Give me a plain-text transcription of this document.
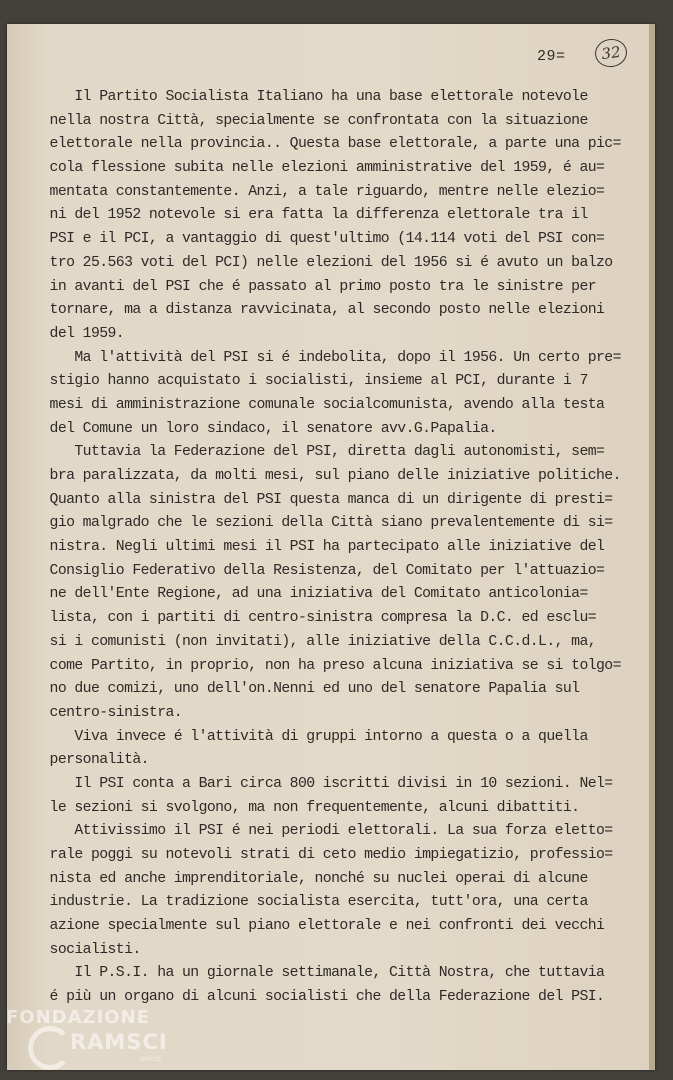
29=	32
Il Partito Socialista Italiano ha una base elettorale notevole
nella nostra Città, specialmente se confrontata con la situazione
elettorale nella provincia.. Questa base elettorale, a parte una pic=
cola flessione subita nelle elezioni amministrative del 1959, é au=
mentata constantemente. Anzi, a tale riguardo, mentre nelle elezio=
ni del 1952 notevole si era fatta la differenza elettorale tra il
PSI e il PCI, a vantaggio di quest'ultimo (14.114 voti del PSI con=
tro 25.563 voti del PCI) nelle elezioni del 1956 si é avuto un balzo
in avanti del PSI che é passato al primo posto tra le sinistre per
tornare, ma a distanza ravvicinata, al secondo posto nelle elezioni
del 1959.
Ma l'attività del PSI si é indebolita, dopo il 1956. Un certo pre=
stigio hanno acquistato i socialisti, insieme al PCI, durante i 7
mesi di amministrazione comunale socialcomunista, avendo alla testa
del Comune un loro sindaco, il senatore avv.G.Papalia.
Tuttavia la Federazione del PSI, diretta dagli autonomisti, sem=
bra paralizzata, da molti mesi, sul piano delle iniziative politiche.
Quanto alla sinistra del PSI questa manca di un dirigente di presti=
gio malgrado che le sezioni della Città siano prevalentemente di si=
nistra. Negli ultimi mesi il PSI ha partecipato alle iniziative del
Consiglio Federativo della Resistenza, del Comitato per l'attuazio=
ne dell'Ente Regione, ad una iniziativa del Comitato anticolonia=
lista, con i partiti di centro-sinistra compresa la D.C. ed esclu=
si i comunisti (non invitati), alle iniziative della C.C.d.L., ma,
come Partito, in proprio, non ha preso alcuna iniziativa se si tolgo=
no due comizi, uno dell'on.Nenni ed uno del senatore Papalia sul
centro-sinistra.
Viva invece é l'attività di gruppi intorno a questa o a quella
personalità.
Il PSI conta a Bari circa 800 iscritti divisi in 10 sezioni. Nel=
le sezioni si svolgono, ma non frequentemente, alcuni dibattiti.
Attivissimo il PSI é nei periodi elettorali. La sua forza eletto=
rale poggi su notevoli strati di ceto medio impiegatizio, professio=
nista ed anche imprenditoriale, nonché su nuclei operai di alcune
industrie. La tradizione socialista esercita, tutt'ora, una certa
azione specialmente sul piano elettorale e nei confronti dei vecchi
socialisti.
Il P.S.I. ha un giornale settimanale, Città Nostra, che tuttavia
é più un organo di alcuni socialisti che della Federazione del PSI.
FONDAZIONE
RAMSCI
onlus
